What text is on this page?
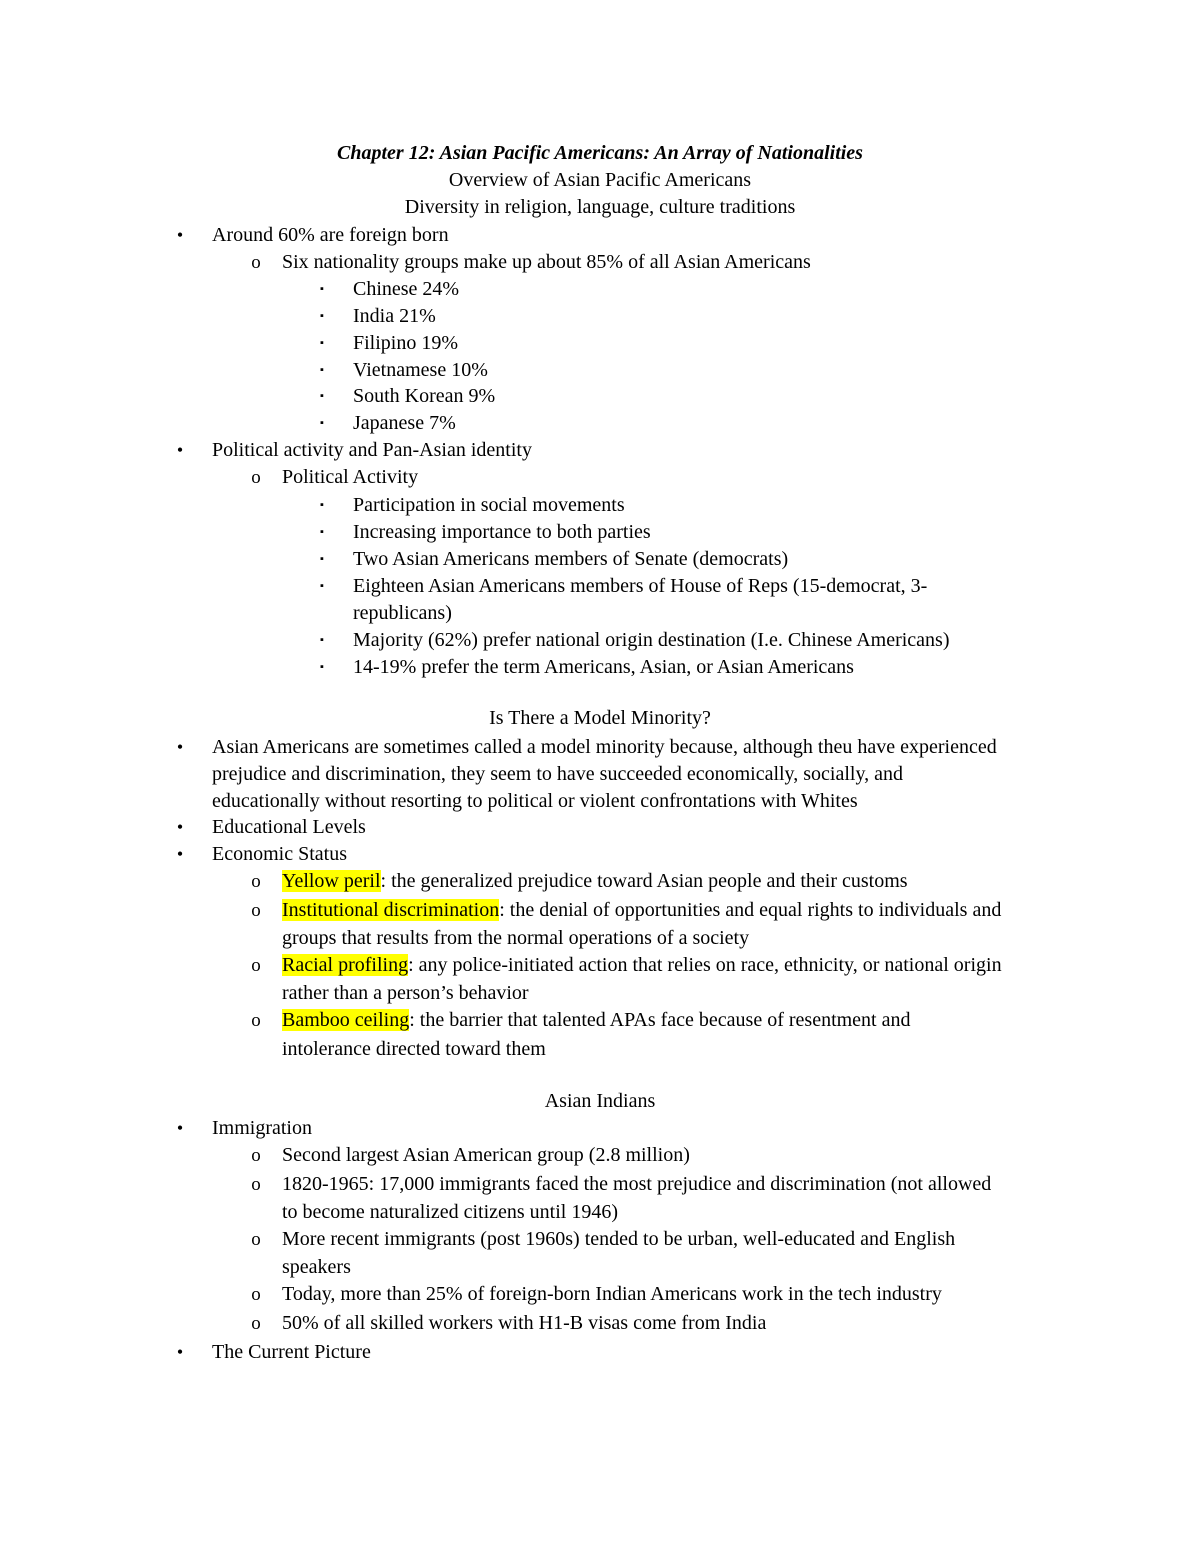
Chapter 12: Asian Pacific Americans: An Array of Nationalities
Overview of Asian Pacific Americans
Diversity in religion, language, culture traditions
• Around 60% are foreign born
o Six nationality groups make up about 85% of all Asian Americans
▪	Chinese 24%
▪	India 21%
▪	Filipino 19%
▪	Vietnamese 10%
▪	South Korean 9%
▪	Japanese 7%
• Political activity and Pan-Asian identity
o Political Activity
▪	Participation in social movements
▪	Increasing importance to both parties
▪	Two Asian Americans members of Senate (democrats)
▪	Eighteen Asian Americans members of House of Reps (15-democrat, 3-
republicans)
▪	Majority (62%) prefer national origin destination (I.e. Chinese Americans)
▪	14-19% prefer the term Americans, Asian, or Asian Americans
Is There a Model Minority?
• Asian Americans are sometimes called a model minority because, although theu have experienced
prejudice and discrimination, they seem to have succeeded economically, socially, and
educationally without resorting to political or violent confrontations with Whites
• Educational Levels
• Economic Status
o Yellow peril: the generalized prejudice toward Asian people and their customs
o Institutional discrimination: the denial of opportunities and equal rights to individuals and
groups that results from the normal operations of a society
o Racial profiling: any police-initiated action that relies on race, ethnicity, or national origin
rather than a person’s behavior
o Bamboo ceiling: the barrier that talented APAs face because of resentment and
intolerance directed toward them
Asian Indians
• Immigration
o Second largest Asian American group (2.8 million)
o 1820-1965: 17,000 immigrants faced the most prejudice and discrimination (not allowed
to become naturalized citizens until 1946)
o More recent immigrants (post 1960s) tended to be urban, well-educated and English
speakers
o Today, more than 25% of foreign-born Indian Americans work in the tech industry
o 50% of all skilled workers with H1-B visas come from India
• The Current Picture
